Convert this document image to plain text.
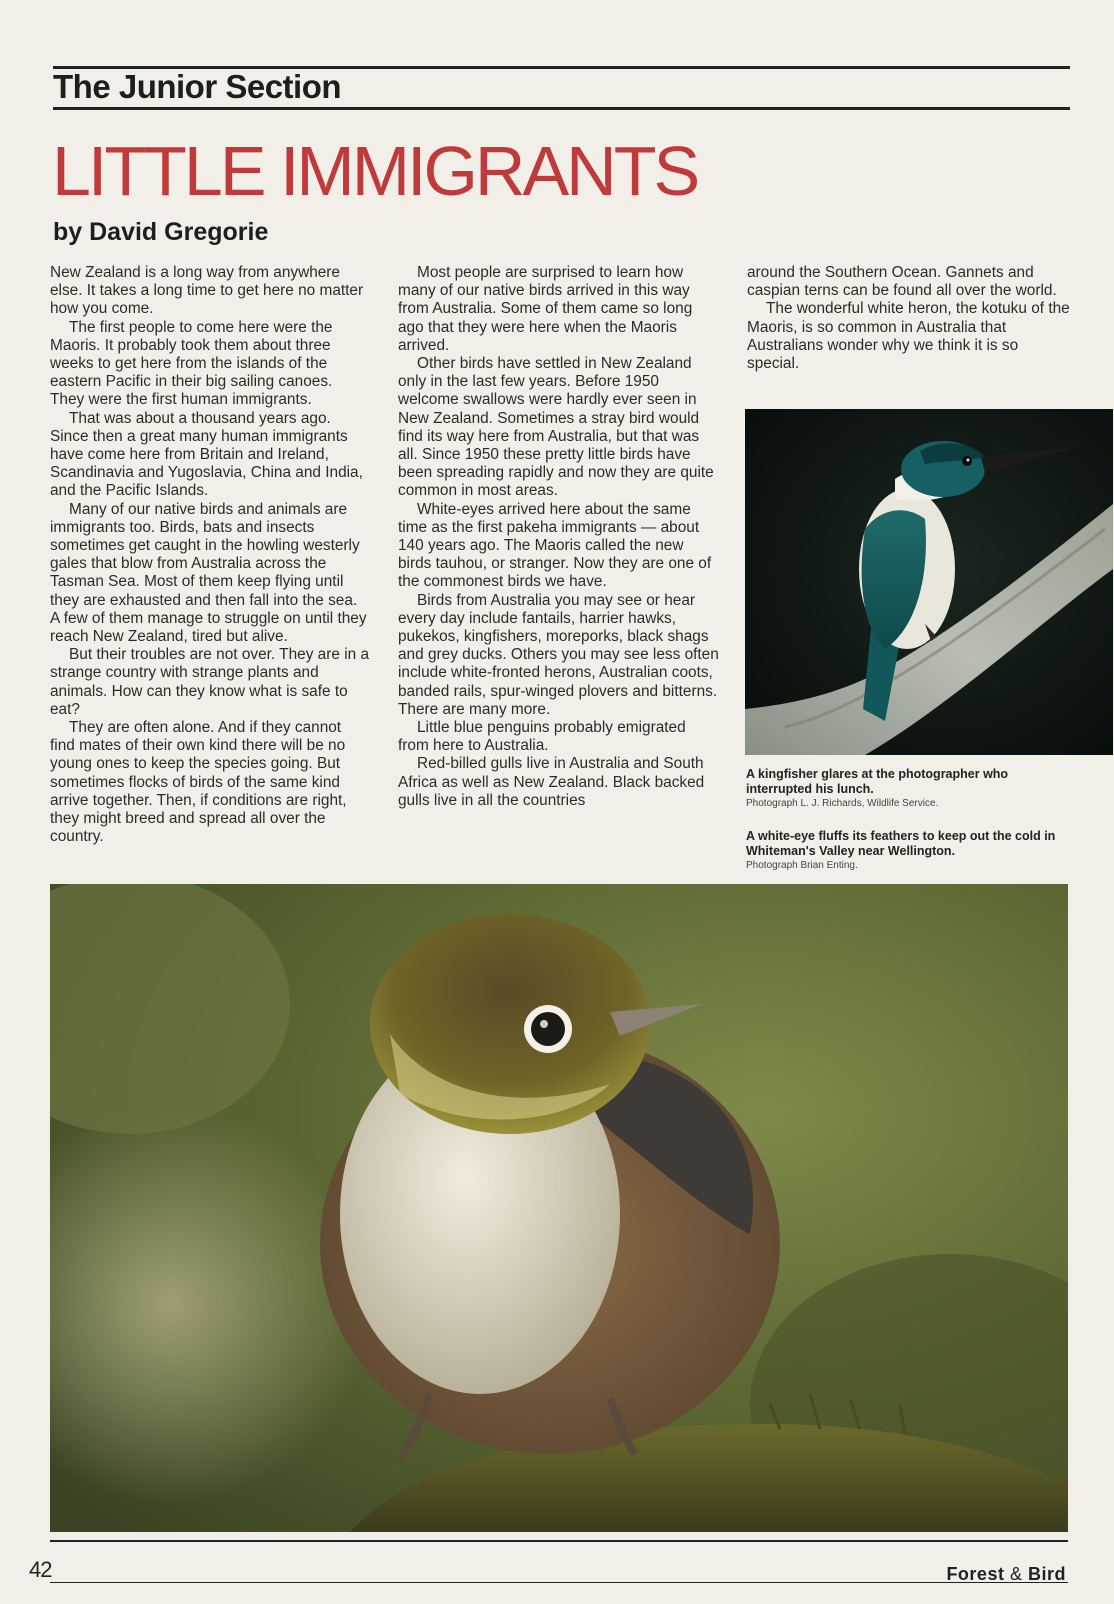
The Junior Section
LITTLE IMMIGRANTS
by David Gregorie

New Zealand is a long way from anywhere else. It takes a long time to get here no matter how you come.

The first people to come here were the Maoris. It probably took them about three weeks to get here from the islands of the eastern Pacific in their big sailing canoes. They were the first human immigrants.

That was about a thousand years ago. Since then a great many human immigrants have come here from Britain and Ireland, Scandinavia and Yugoslavia, China and India, and the Pacific Islands.

Many of our native birds and animals are immigrants too. Birds, bats and insects sometimes get caught in the howling westerly gales that blow from Australia across the Tasman Sea. Most of them keep flying until they are exhausted and then fall into the sea. A few of them manage to struggle on until they reach New Zealand, tired but alive.

But their troubles are not over. They are in a strange country with strange plants and animals. How can they know what is safe to eat?

They are often alone. And if they cannot find mates of their own kind there will be no young ones to keep the species going. But sometimes flocks of birds of the same kind arrive together. Then, if conditions are right, they might breed and spread all over the country.

Most people are surprised to learn how many of our native birds arrived in this way from Australia. Some of them came so long ago that they were here when the Maoris arrived.

Other birds have settled in New Zealand only in the last few years. Before 1950 welcome swallows were hardly ever seen in New Zealand. Sometimes a stray bird would find its way here from Australia, but that was all. Since 1950 these pretty little birds have been spreading rapidly and now they are quite common in most areas.

White-eyes arrived here about the same time as the first pakeha immigrants — about 140 years ago. The Maoris called the new birds tauhou, or stranger. Now they are one of the commonest birds we have.

Birds from Australia you may see or hear every day include fantails, harrier hawks, pukekos, kingfishers, moreporks, black shags and grey ducks. Others you may see less often include white-fronted herons, Australian coots, banded rails, spur-winged plovers and bitterns. There are many more.

Little blue penguins probably emigrated from here to Australia.

Red-billed gulls live in Australia and South Africa as well as New Zealand. Black backed gulls live in all the countries

around the Southern Ocean. Gannets and caspian terns can be found all over the world.

The wonderful white heron, the kotuku of the Maoris, is so common in Australia that Australians wonder why we think it is so special.

A kingfisher glares at the photographer who interrupted his lunch.
Photograph L. J. Richards, Wildlife Service.
A white-eye fluffs its feathers to keep out the cold in Whiteman's Valley near Wellington.
Photograph Brian Enting.
42	Forest & Bird
